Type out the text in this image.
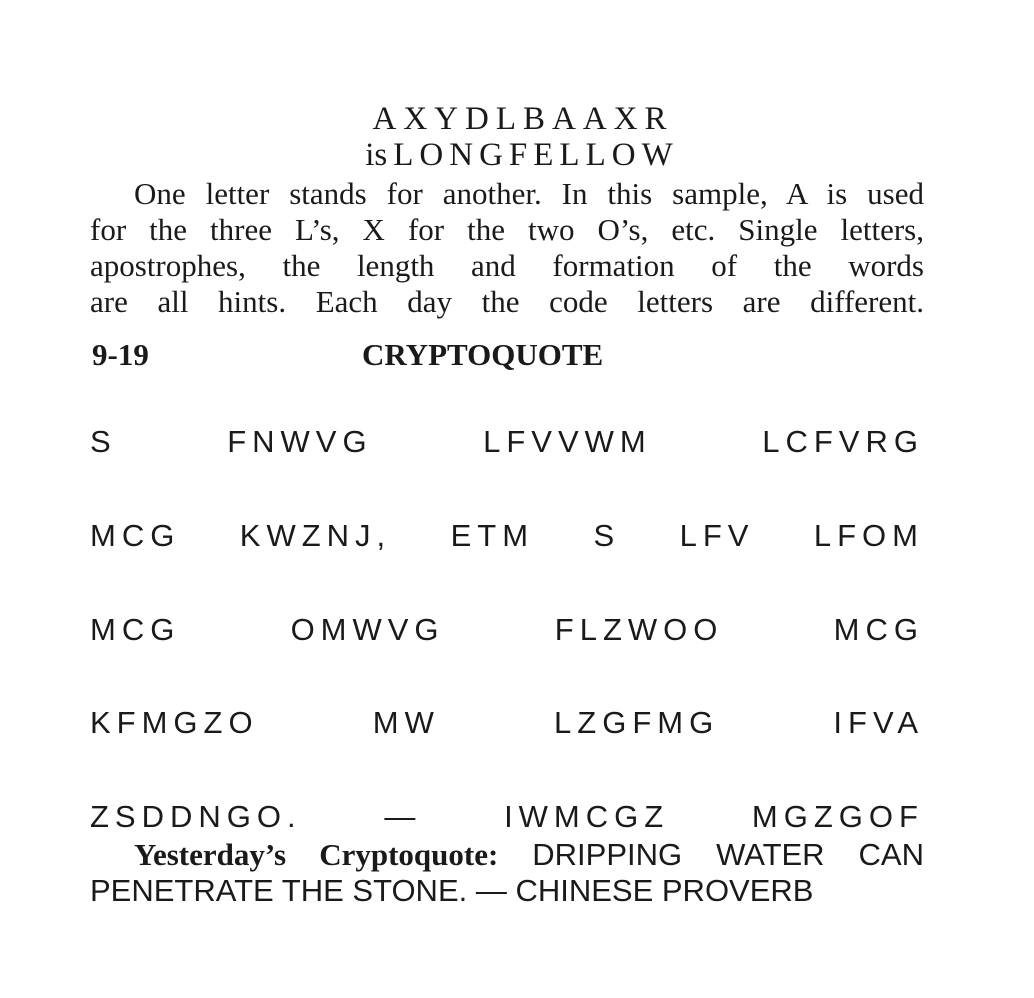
AXYDLBAAXR
is LONGFELLOW
One letter stands for another. In this sample, A is used
for the three L’s, X for the two O’s, etc. Single letters,
apostrophes, the length and formation of the words
are all hints. Each day the code letters are different.
9-19	CRYPTOQUOTE
S	FNWVG	LFVVWM	LCFVRG
MCG KWZNJ, ETM S LFV LFOM
MCG	OMWVG	FLZWOO	MCG
KFMGZO	MW	LZGFMG	IFVA
ZSDDNGO.	—	IWMCGZ	MGZGOF
Yesterday’s Cryptoquote: DRIPPING WATER CAN
PENETRATE THE STONE. — CHINESE PROVERB
